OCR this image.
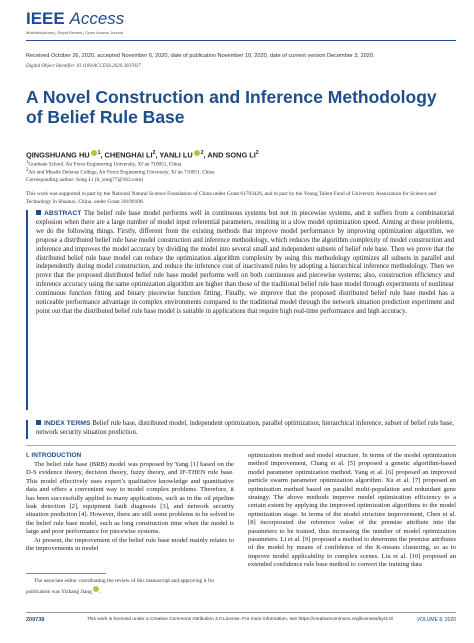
IEEE Access
Multidisciplinary | Rapid Review | Open Access Journal
Received October 26, 2020, accepted November 6, 2020, date of publication November 10, 2020, date of current version December 3, 2020.
Digital Object Identifier 10.1109/ACCESS.2020.3037037
A Novel Construction and Inference Methodology of Belief Rule Base
QINGSHUANG HU $^1$, CHENGHAI $LI^2$, YANLI LU $^2$, AND SONG $LI^2$
$^1$Graduate School, Air Force Engineering University, Xi’an 710051, China
$^2$Air and Missile Defense College, Air Force Engineering University, Xi’an 710051, China
Corresponding author: Song Li (li_song77@163.com)
This work was supported in part by the National Natural Science Foundation of China under Grant 61703426, and in part by the Young Talent Fund of University Association for Science and Technology in Shaanxi, China, under Grant 20190108.
ABSTRACT The belief rule base model performs well in continuous systems but not in piecewise systems, and it suffers from a combinatorial explosion when there are a large number of model input referential parameters, resulting in a slow model optimization speed. Aiming at these problems, we do the following things. Firstly, different from the existing methods that improve model performance by improving optimization algorithm, we propose a distributed belief rule base model construction and inference methodology, which reduces the algorithm complexity of model construction and inference and improves the model accuracy by dividing the model into several small and independent subsets of belief rule base. Then we prove that the distributed belief rule base model can reduce the optimization algorithm complexity by using this methodology optimizes all subsets in parallel and independently during model construction, and reduce the inference cost of inactivated rules by adopting a hierarchical inference methodology. Then we prove that the proposed distributed belief rule base model performs well on both continuous and piecewise systems; also, construction efficiency and inference accuracy using the same optimization algorithm are higher than those of the traditional belief rule base model through experiments of nonlinear continuous function fitting and binary piecewise function fitting. Finally, we improve that the proposed distributed belief rule base model has a noticeable performance advantage in complex environments compared to the traditional model through the network situation prediction experiment and point out that the distributed belief rule base model is suitable in applications that require high real-time performance and high accuracy.
INDEX TERMS Belief rule base, distributed model, independent optimization, parallel optimization, hierarchical inference, subset of belief rule base, network security situation prediction.
I. INTRODUCTION

The belief rule base (BRB) model was proposed by Yang [1] based on the D-S evidence theory, decision theory, fuzzy theory, and IF-THEN rule base. This model effectively uses expert’s qualitative knowledge and quantitative data and offers a convenient way to model complex problems. Therefore, it has been successfully applied to many applications, such as in the oil pipeline leak detection [2], equipment fault diagnosis [3], and network security situation prediction [4]. However, there are still some problems to be solved in the belief rule base model, such as long construction time when the model is large and poor performance for piecewise systems.

At present, the improvement of the belief rule base model mainly relates to the improvements in model

The associate editor coordinating the review of this manuscript and approving it for publication was Yizhang Jiang .

optimization method and model structure. In terms of the model optimization method improvement, Chang et al. [5] proposed a genetic algorithm-based model parameter optimization method. Yang et al. [6] proposed an improved particle swarm parameter optimization algorithm. Xu et al. [7] proposed an optimization method based on parallel multi-population and redundant gene strategy. The above methods improve model optimization efficiency to a certain extent by applying the improved optimization algorithms to the model optimization stage. In terms of the model structure improvement, Chen et al. [8] incorporated the reference value of the premise attribute into the parameters to be trained, thus increasing the number of model optimization parameters. Li et al. [9] proposed a method to determine the premise attributes of the model by means of confidence of the K-means clustering, so as to improve model applicability to complex scenes. Liu et al. [10] proposed an extended confidence rule base method to convert the training data

209738	This work is licensed under a Creative Commons Attribution 4.0 License. For more information, see https://creativecommons.org/licenses/by/4.0/	VOLUME 8, 2020
